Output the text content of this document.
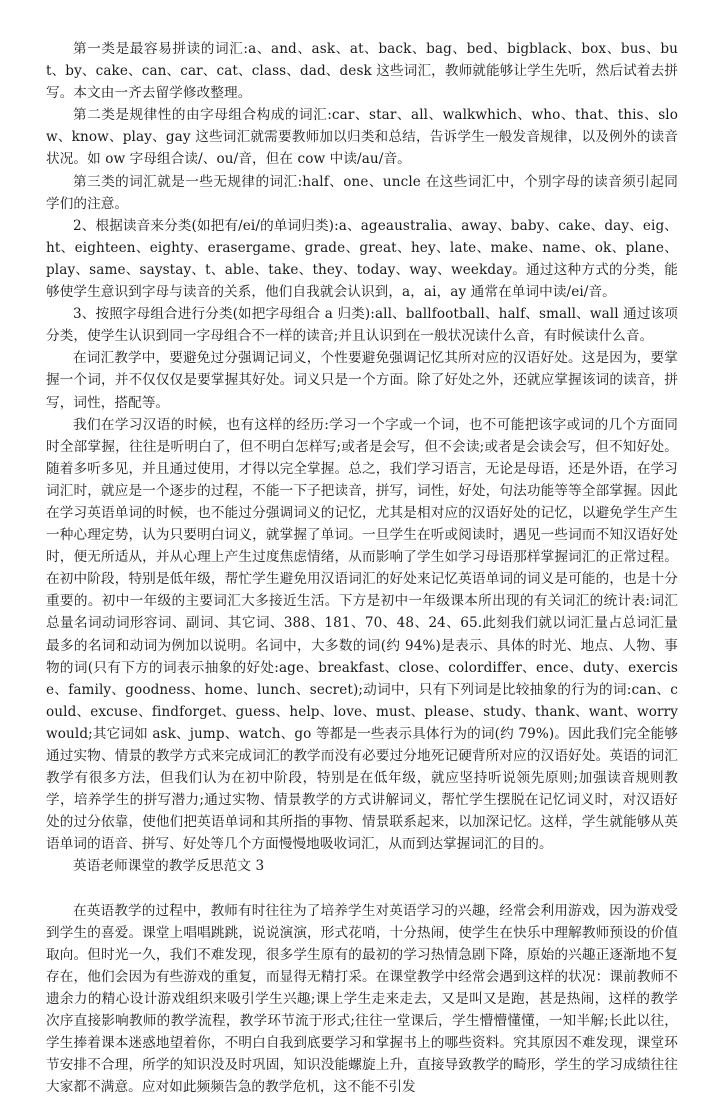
第一类是最容易拼读的词汇:a、and、ask、at、back、bag、bed、bigblack、box、bus、but、by、cake、can、car、cat、class、dad、desk 这些词汇，教师就能够让学生先听，然后试着去拼写。本文由一齐去留学修改整理。

第二类是规律性的由字母组合构成的词汇:car、star、all、walkwhich、who、that、this、slow、know、play、gay 这些词汇就需要教师加以归类和总结，告诉学生一般发音规律，以及例外的读音状况。如 ow 字母组合读/、ou/音，但在 cow 中读/au/音。

第三类的词汇就是一些无规律的词汇:half、one、uncle 在这些词汇中，个别字母的读音须引起同学们的注意。

2、根据读音来分类(如把有/ei/的单词归类):a、ageaustralia、away、baby、cake、day、eig、ht、eighteen、eighty、erasergame、grade、great、hey、late、make、name、ok、plane、play、same、saystay、t、able、take、they、today、way、weekday。通过这种方式的分类，能够使学生意识到字母与读音的关系，他们自我就会认识到，a，ai，ay 通常在单词中读/ei/音。

3、按照字母组合进行分类(如把字母组合 a 归类):all、ballfootball、half、small、wall 通过该项分类，使学生认识到同一字母组合不一样的读音;并且认识到在一般状况读什么音，有时候读什么音。

在词汇教学中，要避免过分强调记词义，个性要避免强调记忆其所对应的汉语好处。这是因为，要掌握一个词，并不仅仅仅是要掌握其好处。词义只是一个方面。除了好处之外，还就应掌握该词的读音，拼写，词性，搭配等。

我们在学习汉语的时候，也有这样的经历:学习一个字或一个词，也不可能把该字或词的几个方面同时全部掌握，往往是听明白了，但不明白怎样写;或者是会写，但不会读;或者是会读会写，但不知好处。随着多听多见，并且通过使用，才得以完全掌握。总之，我们学习语言，无论是母语，还是外语，在学习词汇时，就应是一个逐步的过程，不能一下子把读音，拼写，词性，好处，句法功能等等全部掌握。因此在学习英语单词的时候，也不能过分强调词义的记忆，尤其是相对应的汉语好处的记忆，以避免学生产生一种心理定势，认为只要明白词义，就掌握了单词。一旦学生在听或阅读时，遇见一些词而不知汉语好处时，便无所适从，并从心理上产生过度焦虑情绪，从而影响了学生如学习母语那样掌握词汇的正常过程。在初中阶段，特别是低年级，帮忙学生避免用汉语词汇的好处来记忆英语单词的词义是可能的，也是十分重要的。初中一年级的主要词汇大多接近生活。下方是初中一年级课本所出现的有关词汇的统计表:词汇总量名词动词形容词、副词、其它词、388、181、70、48、24、65.此刻我们就以词汇量占总词汇量最多的名词和动词为例加以说明。名词中，大多数的词(约 94%)是表示、具体的时光、地点、人物、事物的词(只有下方的词表示抽象的好处:age、breakfast、close、colordiffer、ence、duty、exercise、family、goodness、home、lunch、secret);动词中，只有下列词是比较抽象的行为的词:can、could、excuse、findforget、guess、help、love、must、please、study、thank、want、worrywould;其它词如 ask、jump、watch、go 等都是一些表示具体行为的词(约 79%)。因此我们完全能够通过实物、情景的教学方式来完成词汇的教学而没有必要过分地死记硬背所对应的汉语好处。英语的词汇教学有很多方法，但我们认为在初中阶段，特别是在低年级，就应坚持听说领先原则;加强读音规则教学，培养学生的拼写潜力;通过实物、情景教学的方式讲解词义，帮忙学生摆脱在记忆词义时，对汉语好处的过分依靠，使他们把英语单词和其所指的事物、情景联系起来，以加深记忆。这样，学生就能够从英语单词的语音、拼写、好处等几个方面慢慢地吸收词汇，从而到达掌握词汇的目的。

英语老师课堂的教学反思范文 3

在英语教学的过程中，教师有时往往为了培养学生对英语学习的兴趣，经常会利用游戏，因为游戏受到学生的喜爱。课堂上唱唱跳跳，说说演演，形式花哨，十分热闹，使学生在快乐中理解教师预设的价值取向。但时光一久，我们不难发现，很多学生原有的最初的学习热情急剧下降，原始的兴趣正逐渐地不复存在，他们会因为有些游戏的重复，而显得无精打采。在课堂教学中经常会遇到这样的状况：课前教师不遗余力的精心设计游戏组织来吸引学生兴趣;课上学生走来走去，又是叫又是跑，甚是热闹，这样的教学次序直接影响教师的教学流程，教学环节流于形式;往往一堂课后，学生懵懵懂懂，一知半解;长此以往，学生捧着课本迷惑地望着你，不明白自我到底要学习和掌握书上的哪些资料。究其原因不难发现，课堂环节安排不合理，所学的知识没及时巩固，知识没能螺旋上升，直接导致教学的畸形，学生的学习成绩往往大家都不满意。应对如此频频告急的教学危机，这不能不引发
